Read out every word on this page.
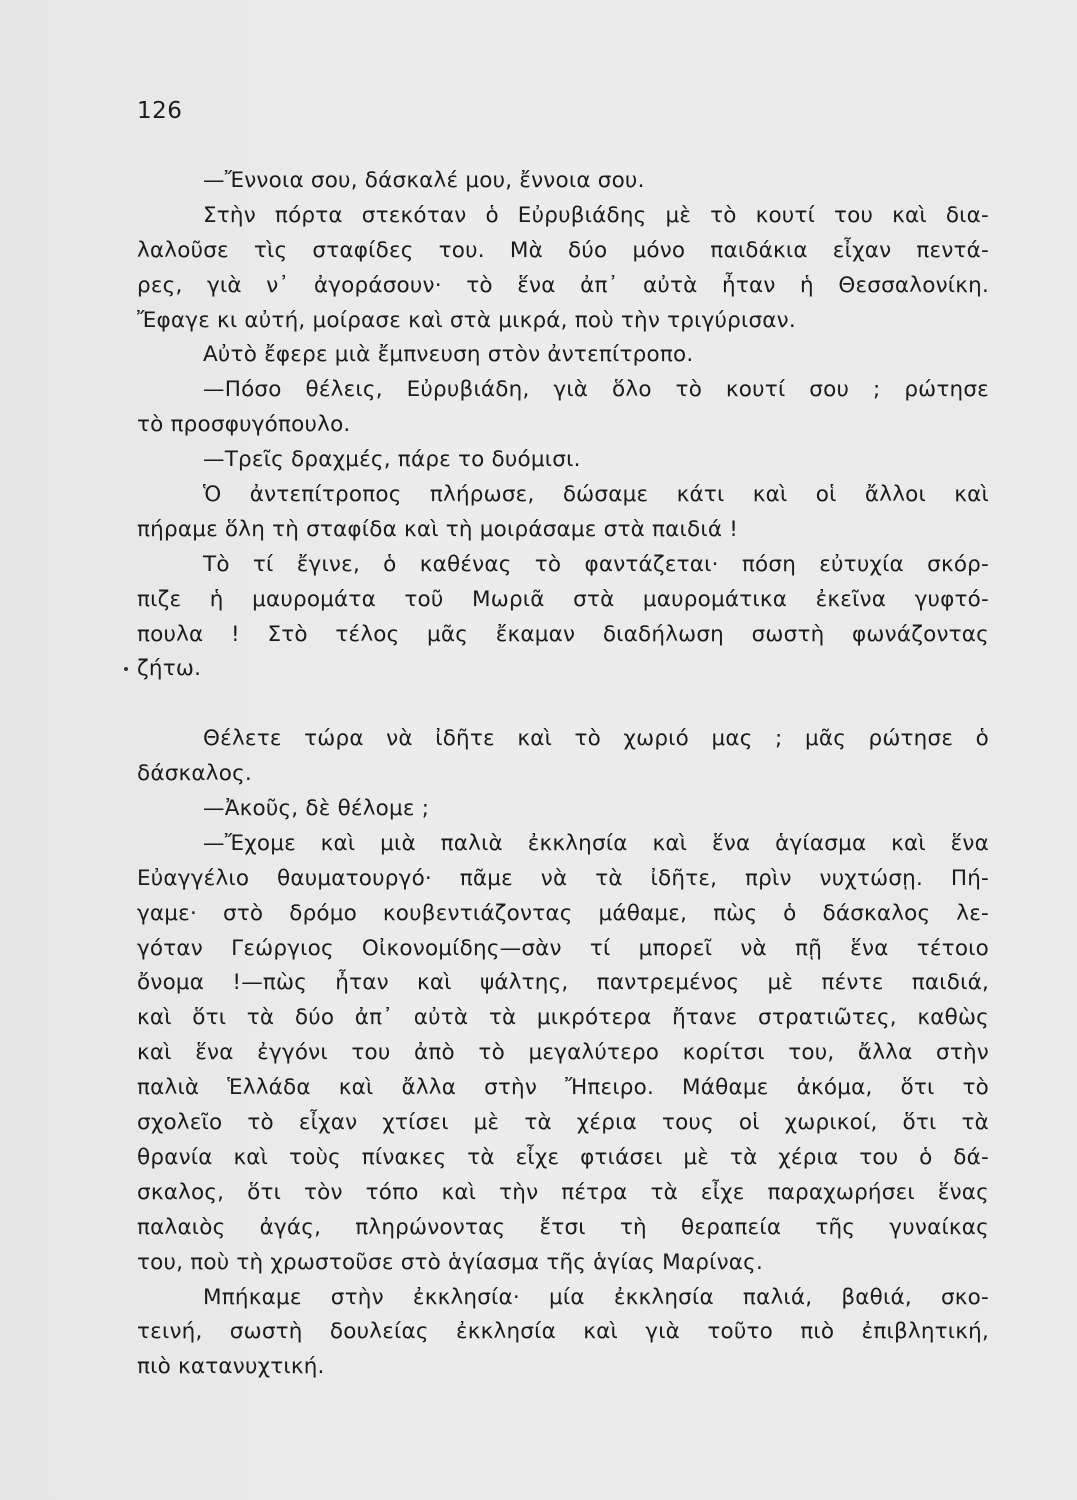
126
—Ἔννοια σου, δάσκαλέ μου, ἔννοια σου.
Στὴν πόρτα στεκόταν ὁ Εὐρυβιάδης μὲ τὸ κουτί του καὶ δια-
λαλοῦσε τὶς σταφίδες του. Μὰ δύο μόνο παιδάκια εἶχαν πεντά-
ρες, γιὰ ν᾽ ἀγοράσουν· τὸ ἕνα ἀπ᾽ αὐτὰ ἦταν ἡ Θεσσαλονίκη.
Ἔφαγε κι αὐτή, μοίρασε καὶ στὰ μικρά, ποὺ τὴν τριγύρισαν.
Αὐτὸ ἔφερε μιὰ ἔμπνευση στὸν ἀντεπίτροπο.
—Πόσο θέλεις, Εὐρυβιάδη, γιὰ ὅλο τὸ κουτί σου ; ρώτησε
τὸ προσφυγόπουλο.
—Τρεῖς δραχμές, πάρε το δυόμισι.
Ὁ ἀντεπίτροπος πλήρωσε, δώσαμε κάτι καὶ οἱ ἄλλοι καὶ
πήραμε ὅλη τὴ σταφίδα καὶ τὴ μοιράσαμε στὰ παιδιά !
Τὸ τί ἔγινε, ὁ καθένας τὸ φαντάζεται· πόση εὐτυχία σκόρ-
πιζε ἡ μαυρομάτα τοῦ Μωριᾶ στὰ μαυρομάτικα ἐκεῖνα γυφτό-
πουλα ! Στὸ τέλος μᾶς ἔκαμαν διαδήλωση σωστὴ φωνάζοντας
ζήτω.
Θέλετε τώρα νὰ ἰδῆτε καὶ τὸ χωριό μας ; μᾶς ρώτησε ὁ
δάσκαλος.
—Ἀκοῦς, δὲ θέλομε ;
—Ἔχομε καὶ μιὰ παλιὰ ἐκκλησία καὶ ἕνα ἁγίασμα καὶ ἕνα
Εὐαγγέλιο θαυματουργό· πᾶμε νὰ τὰ ἰδῆτε, πρὶν νυχτώσῃ. Πή-
γαμε· στὸ δρόμο κουβεντιάζοντας μάθαμε, πὼς ὁ δάσκαλος λε-
γόταν Γεώργιος Οἰκονομίδης—σὰν τί μπορεῖ νὰ πῇ ἕνα τέτοιο
ὄνομα !—πὼς ἦταν καὶ ψάλτης, παντρεμένος μὲ πέντε παιδιά,
καὶ ὅτι τὰ δύο ἀπ᾽ αὐτὰ τὰ μικρότερα ἤτανε στρατιῶτες, καθὼς
καὶ ἕνα ἐγγόνι του ἀπὸ τὸ μεγαλύτερο κορίτσι του, ἄλλα στὴν
παλιὰ Ἑλλάδα καὶ ἄλλα στὴν Ἤπειρο. Μάθαμε ἀκόμα, ὅτι τὸ
σχολεῖο τὸ εἶχαν χτίσει μὲ τὰ χέρια τους οἱ χωρικοί, ὅτι τὰ
θρανία καὶ τοὺς πίνακες τὰ εἶχε φτιάσει μὲ τὰ χέρια του ὁ δά-
σκαλος, ὅτι τὸν τόπο καὶ τὴν πέτρα τὰ εἶχε παραχωρήσει ἕνας
παλαιὸς ἀγάς, πληρώνοντας ἔτσι τὴ θεραπεία τῆς γυναίκας
του, ποὺ τὴ χρωστοῦσε στὸ ἁγίασμα τῆς ἁγίας Μαρίνας.
Μπήκαμε στὴν ἐκκλησία· μία ἐκκλησία παλιά, βαθιά, σκο-
τεινή, σωστὴ δουλείας ἐκκλησία καὶ γιὰ τοῦτο πιὸ ἐπιβλητική,
πιὸ κατανυχτική.
